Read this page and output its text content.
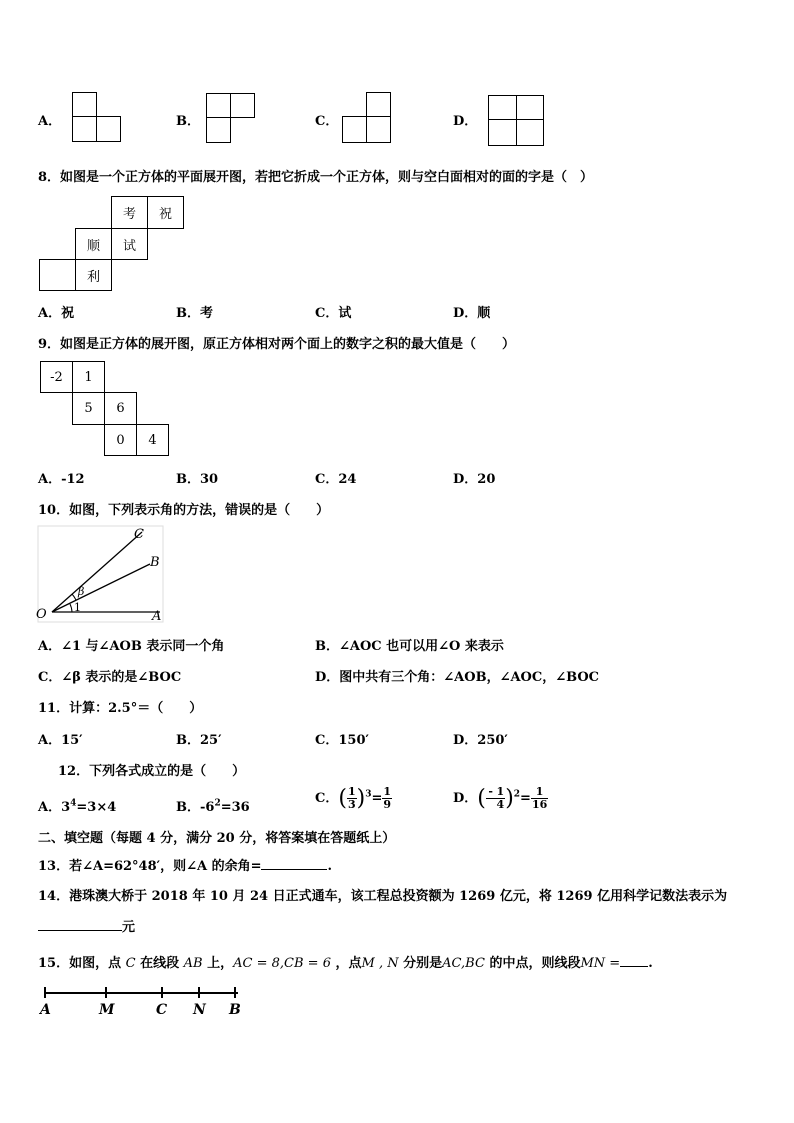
A．	B．	C．	D．
8．如图是一个正方体的平面展开图，若把它折成一个正方体，则与空白面相对的面的字是（　）
考	祝
顺	试
利
A．祝	B．考	C．试	D．顺
9．如图是正方体的展开图，原正方体相对两个面上的数字之积的最大值是（　　）
-2	1
5	6
0	4
A．-12	B．30	C．24	D．20
10．如图，下列表示角的方法，错误的是（　　）
C
B
O	A
β
1
A．∠1 与∠AOB 表示同一个角	B．∠AOC 也可以用∠O 来表示
C．∠β 表示的是∠BOC	D．图中共有三个角：∠AOB，∠AOC，∠BOC
11．计算：2.5°＝（　　）
A．15′	B．25′	C．150′	D．250′
12．下列各式成立的是（　　）
A．$3^4=3\times 4$	B．$-6^2=36$
C．( $\frac{1}{3} )^3= \frac{1}{9}$	D．( - $\frac{1}{4} )^2= \frac{1}{16}$
二、填空题（每题 4 分，满分 20 分，将答案填在答题纸上）
13．若∠A=62°48′，则∠A 的余角=	.
14．港珠澳大桥于 2018 年 10 月 24 日正式通车，该工程总投资额为 1269 亿元，将 1269 亿用科学记数法表示为
元
15．如图，点 C 在线段 AB 上，AC = 8,CB = 6 ，点M , N 分别是AC,BC 的中点，则线段MN = .
A	M	C N B
